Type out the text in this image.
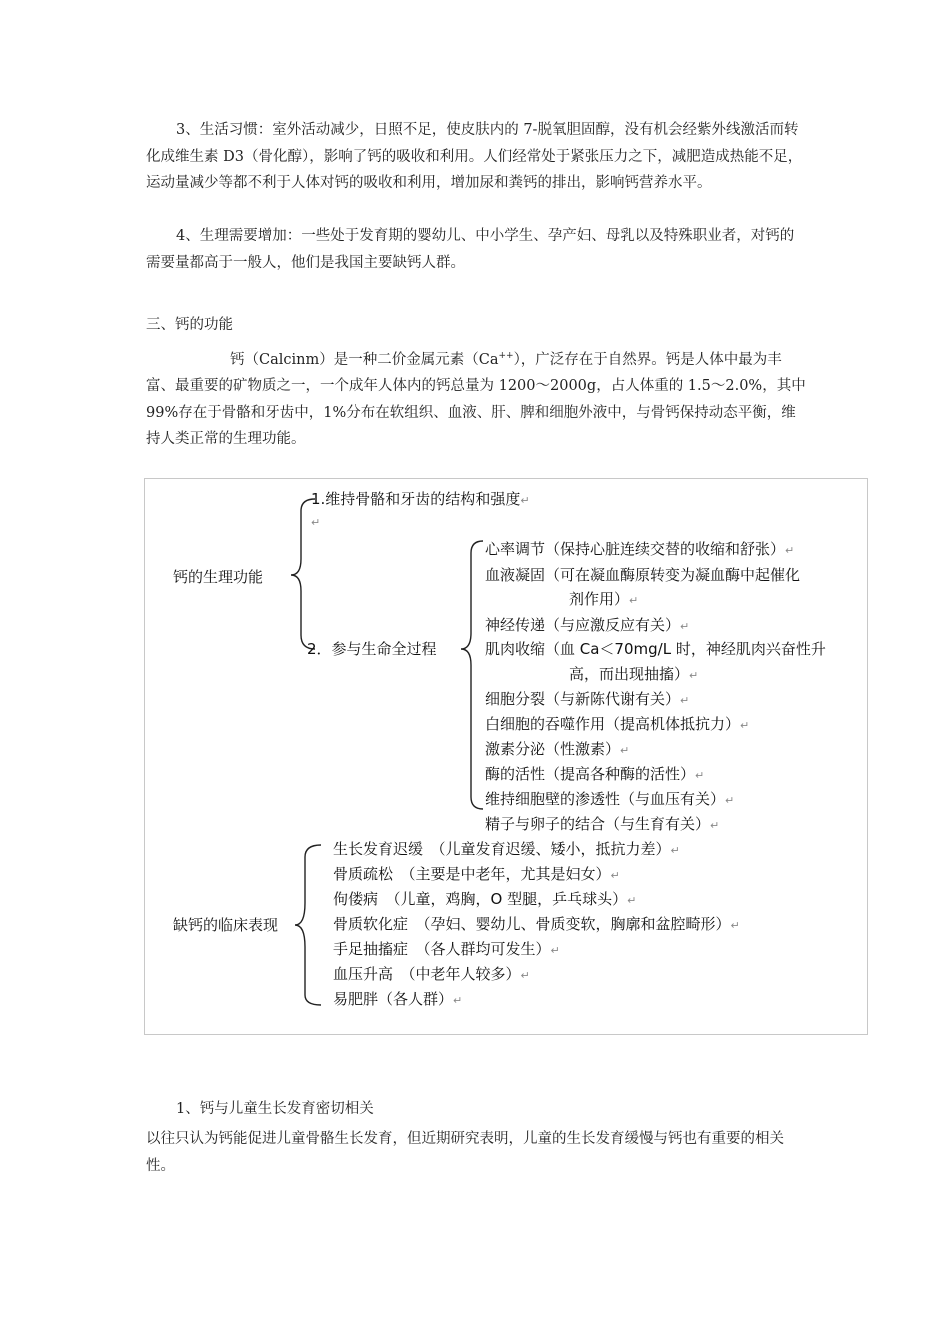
3、生活习惯：室外活动减少，日照不足，使皮肤内的 7-脱氧胆固醇，没有机会经紫外线激活而转化成维生素 D3（骨化醇），影响了钙的吸收和利用。人们经常处于紧张压力之下，减肥造成热能不足，运动量减少等都不利于人体对钙的吸收和利用，增加尿和粪钙的排出，影响钙营养水平。

4、生理需要增加：一些处于发育期的婴幼儿、中小学生、孕产妇、母乳以及特殊职业者，对钙的需要量都高于一般人，他们是我国主要缺钙人群。

三、钙的功能

钙（Calcinm）是一种二价金属元素（Ca++），广泛存在于自然界。钙是人体中最为丰富、最重要的矿物质之一，一个成年人体内的钙总量为 1200～2000g，占人体重的 1.5～2.0%，其中 99%存在于骨骼和牙齿中，1%分布在软组织、血液、肝、脾和细胞外液中，与骨钙保持动态平衡，维持人类正常的生理功能。

钙的生理功能

1.维持骨骼和牙齿的结构和强度↵

↵

2．参与生命全过程

心率调节（保持心脏连续交替的收缩和舒张）↵

血液凝固（可在凝血酶原转变为凝血酶中起催化

剂作用）↵

神经传递（与应激反应有关）↵

肌肉收缩（血 Ca＜70mg/L 时，神经肌肉兴奋性升

高，而出现抽搐）↵

细胞分裂（与新陈代谢有关）↵

白细胞的吞噬作用（提高机体抵抗力）↵

激素分泌（性激素）↵

酶的活性（提高各种酶的活性）↵

维持细胞壁的渗透性（与血压有关）↵

精子与卵子的结合（与生育有关）↵

缺钙的临床表现

生长发育迟缓　（儿童发育迟缓、矮小，抵抗力差）↵

骨质疏松　（主要是中老年，尤其是妇女）↵

佝偻病　（儿童，鸡胸，O 型腿，乒乓球头）↵

骨质软化症　（孕妇、婴幼儿、骨质变软，胸廓和盆腔畸形）↵

手足抽搐症　（各人群均可发生）↵

血压升高　（中老年人较多）↵

易肥胖（各人群）↵

1、钙与儿童生长发育密切相关

以往只认为钙能促进儿童骨骼生长发育，但近期研究表明，儿童的生长发育缓慢与钙也有重要的相关性。
